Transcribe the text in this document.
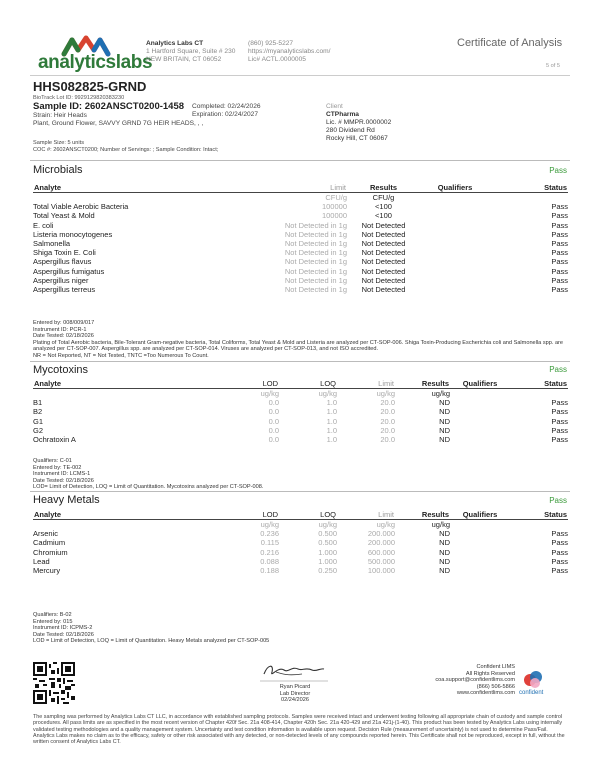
analyticslabs
Analytics Labs CT
1 Hartford Square, Suite # 230
NEW BRITAIN, CT 06052
(860) 925-5227
https://myanalyticslabs.com/
Lic# ACTL.0000005
Certificate of Analysis
5 of 5
HHS082825-GRND
BioTrack Lot ID: 9929129820383230
Sample ID: 2602ANSCT0200-1458 Completed: 02/24/2026
Expiration: 02/24/2027
Strain: Heir Heads
Plant, Ground Flower, SAVVY GRND 7G HEIR HEADS, , ,
Client
CTPharma
Lic. # MMPR.0000002
280 Dividend Rd
Rocky Hill, CT 06067
Sample Size: 5 units
COC #: 2602ANSCT0200; Number of Servings: ; Sample Condition: Intact;
Microbials	Pass
Analyte	Limit	Results	Qualifiers	Status
	CFU/g	CFU/g		
Total Viable Aerobic Bacteria	100000	<100		Pass
Total Yeast & Mold	100000	<100		Pass
E. coli	Not Detected in 1g	Not Detected		Pass
Listeria monocytogenes	Not Detected in 1g	Not Detected		Pass
Salmonella	Not Detected in 1g	Not Detected		Pass
Shiga Toxin E. Coli	Not Detected in 1g	Not Detected		Pass
Aspergillus flavus	Not Detected in 1g	Not Detected		Pass
Aspergillus fumigatus	Not Detected in 1g	Not Detected		Pass
Aspergillus niger	Not Detected in 1g	Not Detected		Pass
Aspergillus terreus	Not Detected in 1g	Not Detected		Pass
Entered by: 008/009/017
Instrument ID: PCR-1
Date Tested: 02/18/2026
Plating of Total Aerobic bacteria, Bile-Tolerant Gram-negative bacteria, Total Coliforms, Total Yeast & Mold and Listeria are analyzed per CT-SOP-006. Shiga Toxin-Producing Escherichia coli and Salmonella spp. are analyzed per CT-SOP-007. Aspergillus spp. are analyzed per CT-SOP-014. Viruses are analyzed per CT-SOP-013, and not ISO accredited.
NR = Not Reported, NT = Not Tested, TNTC =Too Numerous To Count.
Mycotoxins	Pass
Analyte	LOD	LOQ	Limit	Results	Qualifiers	Status
	ug/kg	ug/kg	ug/kg	ug/kg		
B1	0.0	1.0	20.0	ND		Pass
B2	0.0	1.0	20.0	ND		Pass
G1	0.0	1.0	20.0	ND		Pass
G2	0.0	1.0	20.0	ND		Pass
Ochratoxin A	0.0	1.0	20.0	ND		Pass
Qualifiers: C-01
Entered by: TE-002
Instrument ID: LCMS-1
Date Tested: 02/18/2026
LOD= Limit of Detection, LOQ = Limit of Quantitation. Mycotoxins analyzed per CT-SOP-008.
Heavy Metals	Pass
Analyte	LOD	LOQ	Limit	Results	Qualifiers	Status
	ug/kg	ug/kg	ug/kg	ug/kg		
Arsenic	0.236	0.500	200.000	ND		Pass
Cadmium	0.115	0.500	200.000	ND		Pass
Chromium	0.216	1.000	600.000	ND		Pass
Lead	0.088	1.000	500.000	ND		Pass
Mercury	0.188	0.250	100.000	ND		Pass
Qualifiers: B-02
Entered by: 015
Instrument ID: ICPMS-2
Date Tested: 02/18/2026
LOD = Limit of Detection, LOQ = Limit of Quantitation. Heavy Metals analyzed per CT-SOP-005
Ryan Picard
Lab Director
02/24/2026
Confident LIMS
All Rights Reserved
coa.support@confidentlims.com
(866) 506-5866
www.confidentlims.com confident
The sampling was performed by Analytics Labs CT LLC, in accordance with established sampling protocols. Samples were received intact and underwent testing following all appropriate chain of custody and sample control procedures. All pass limits are as specified in the most recent version of Chapter 420f Sec. 21a 408-414, Chapter 420h Sec. 21a 420-429 and 21a 421j-(1-40). This product has been tested by Analytics Labs using internally validated testing methodologies and a quality management system. Uncertainty and test condition information is available upon request. Decision Rule (measurement of uncertainty) is not used to determine Pass/Fail. Analytics Labs makes no claim as to the efficacy, safety or other risk associated with any detected, or non-detected levels of any compounds reported herein. This Certificate shall not be reproduced, except in full, without the written consent of Analytics Labs CT.
